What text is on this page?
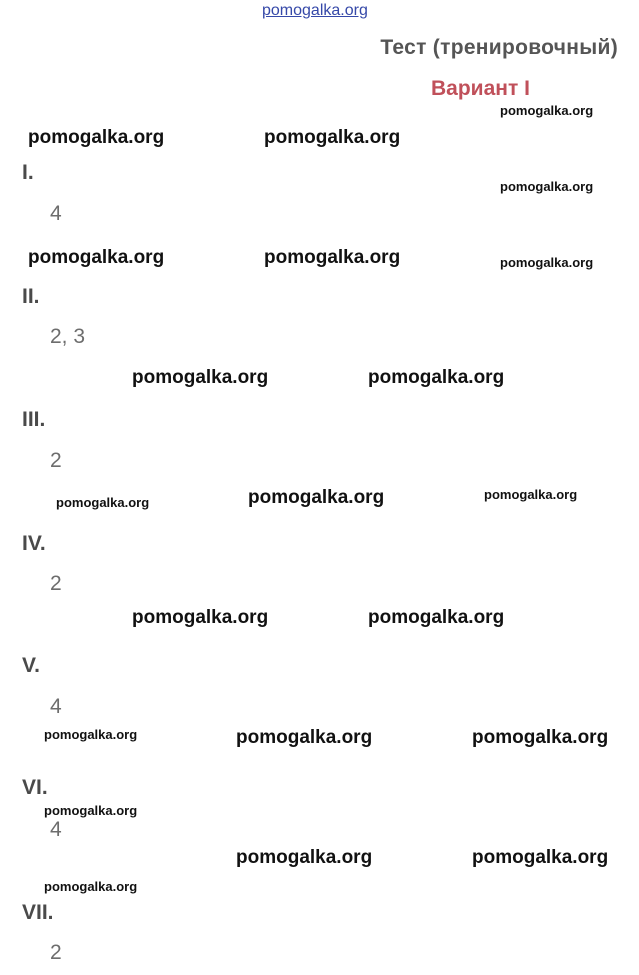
pomogalka.org
Тест (тренировочный)
Вариант I
I.
4
II.
2, 3
III.
2
IV.
2
V.
4
VI.
4
VII.
2
pomogalka.org
pomogalka.org	pomogalka.org
pomogalka.org
pomogalka.org	pomogalka.org	pomogalka.org
pomogalka.org	pomogalka.org
pomogalka.org	pomogalka.org	pomogalka.org
pomogalka.org	pomogalka.org
pomogalka.org	pomogalka.org	pomogalka.org
pomogalka.org
pomogalka.org	pomogalka.org
pomogalka.org
